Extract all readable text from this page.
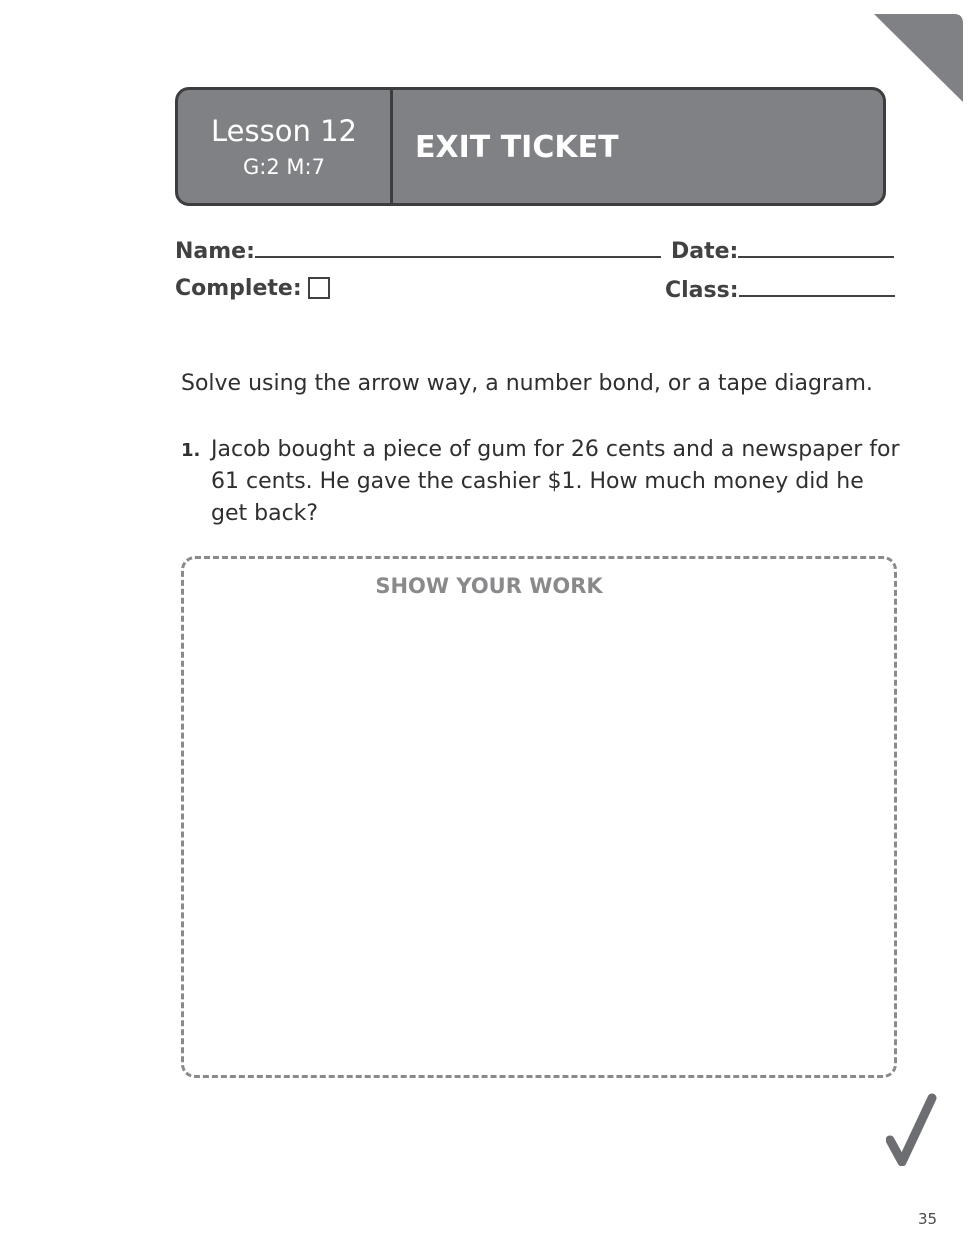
Lesson 12
G:2 M:7
EXIT TICKET
Name:	Date:
Complete:	Class:
Solve using the arrow way, a number bond, or a tape diagram.
1. Jacob bought a piece of gum for 26 cents and a newspaper for 61 cents. He gave the cashier $1. How much money did he get back?
SHOW YOUR WORK
35
